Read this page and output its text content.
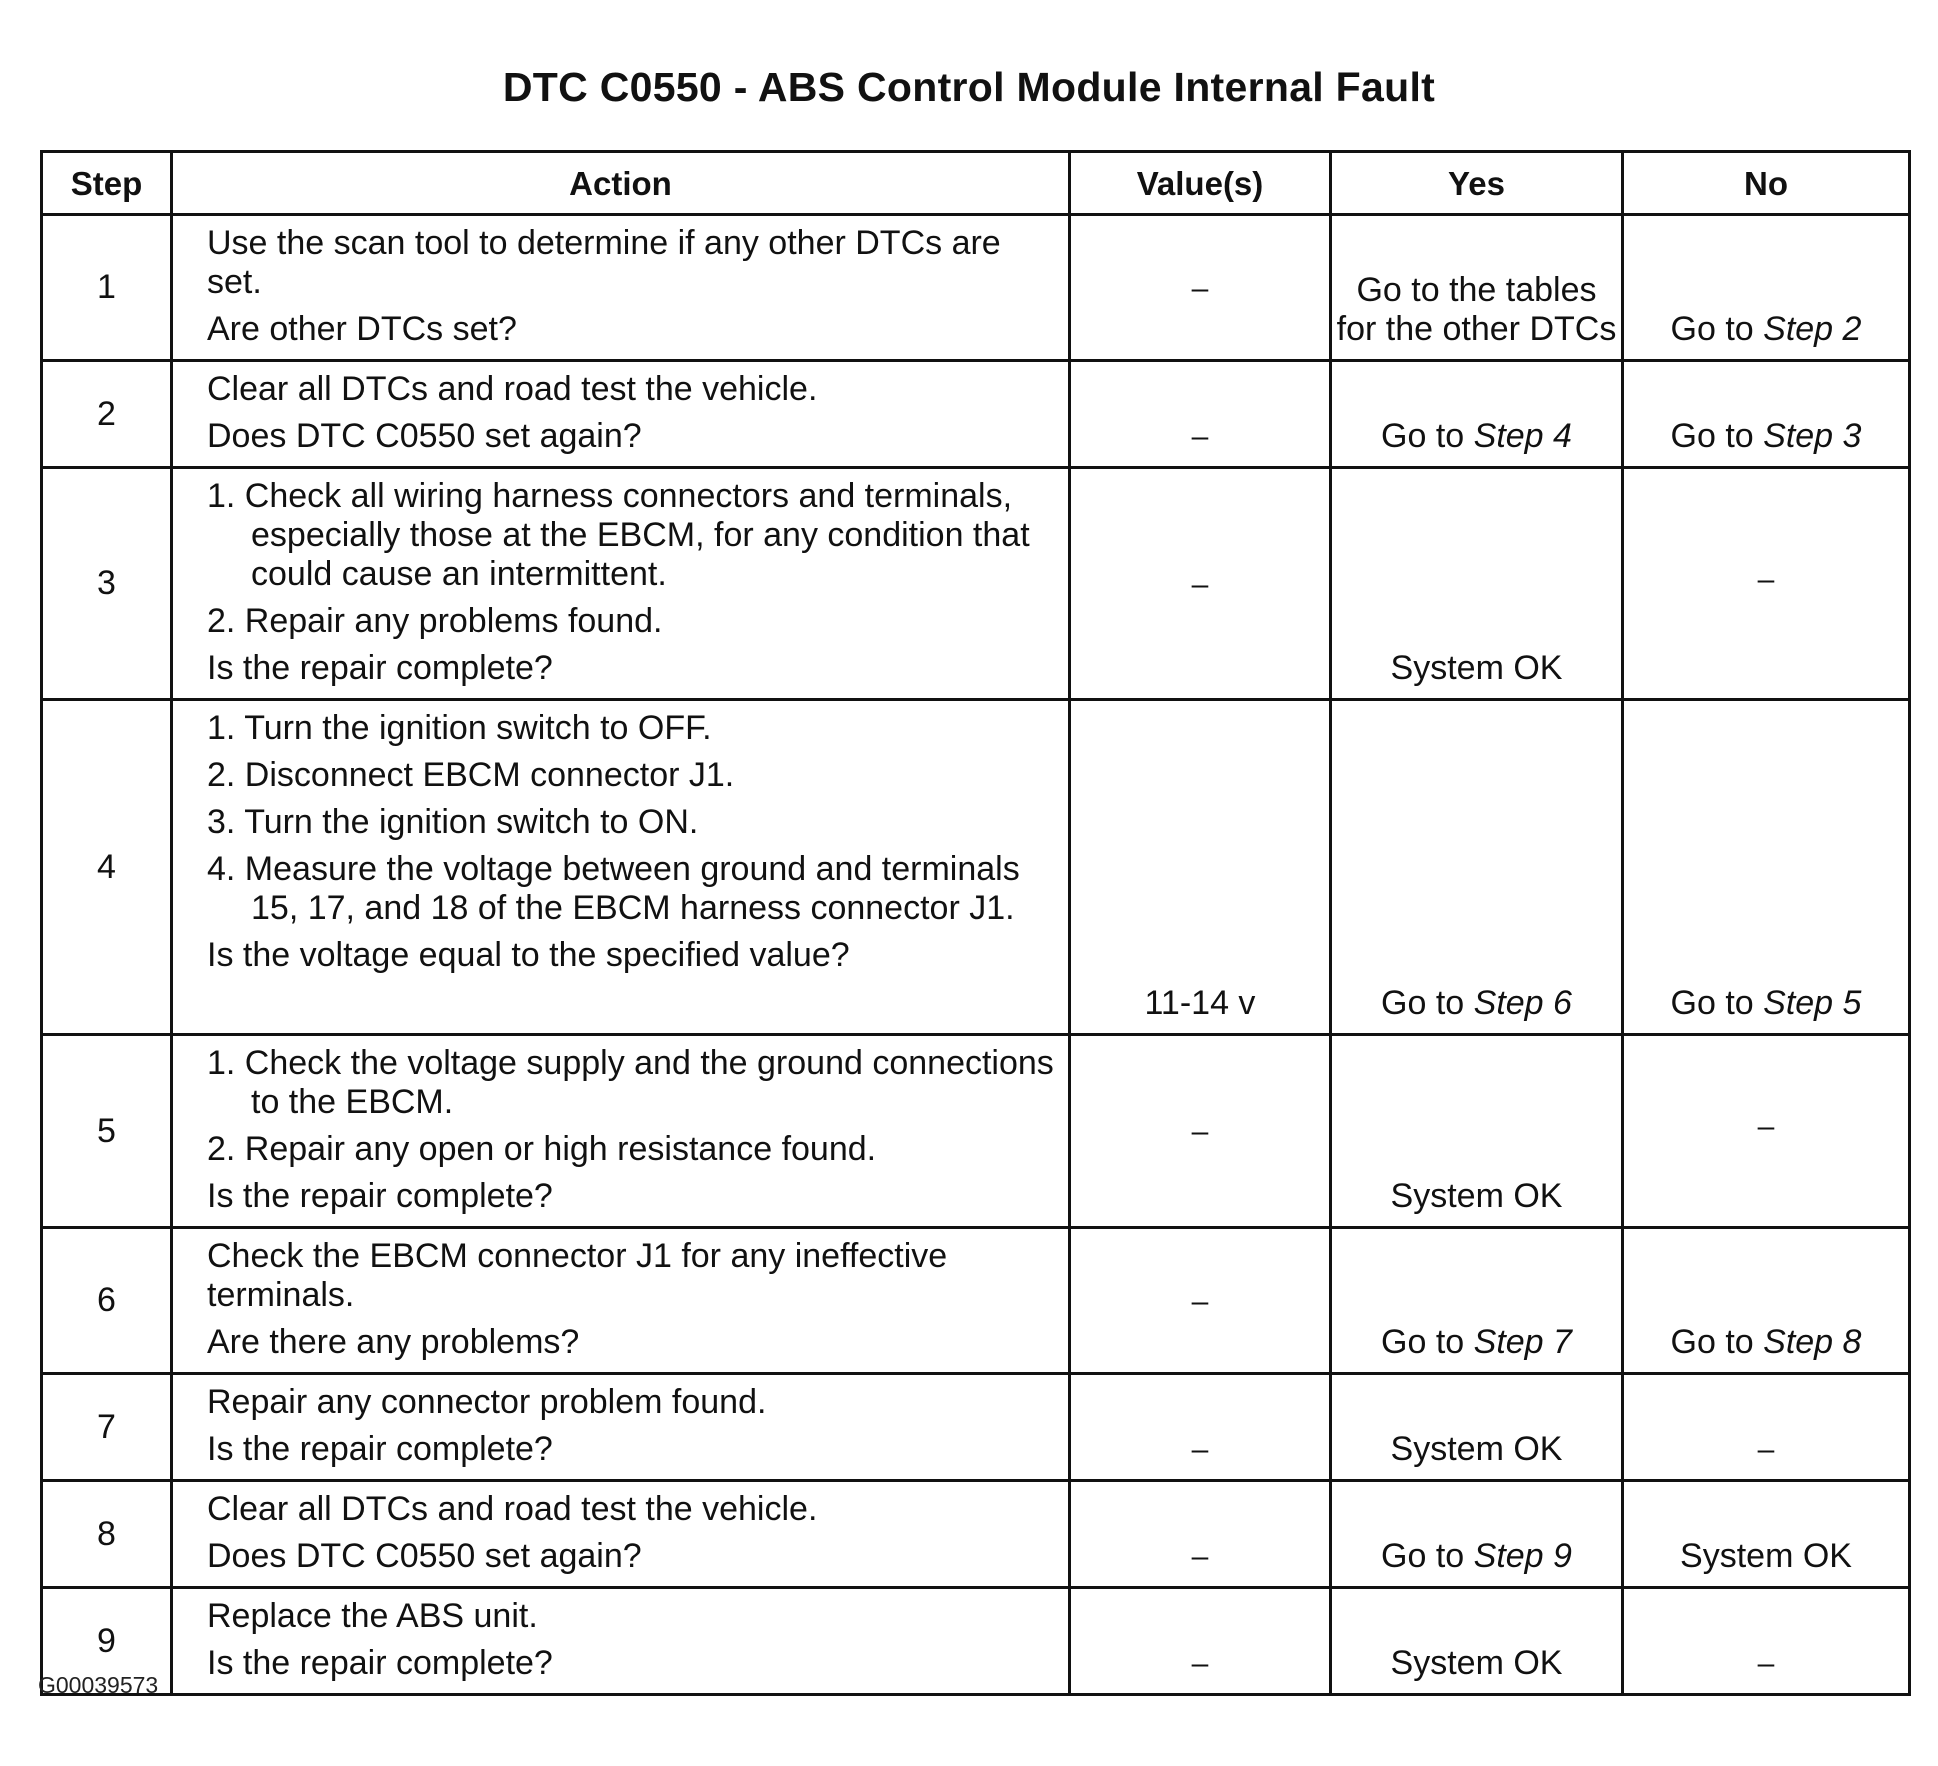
DTC C0550 - ABS Control Module Internal Fault
Step	Action	Value(s)	Yes	No
1	Use the scan tool to determine if any other DTCs are set.
Are other DTCs set?	–	Go to the tables for the other DTCs	Go to Step 2
2	Clear all DTCs and road test the vehicle.
Does DTC C0550 set again?	–	Go to Step 4	Go to Step 3
3	1. Check all wiring harness connectors and terminals, especially those at the EBCM, for any condition that could cause an intermittent.
2. Repair any problems found.
Is the repair complete?	–	System OK	–
4	1. Turn the ignition switch to OFF.
2. Disconnect EBCM connector J1.
3. Turn the ignition switch to ON.
4. Measure the voltage between ground and terminals 15, 17, and 18 of the EBCM harness connector J1.
Is the voltage equal to the specified value?	11-14 v	Go to Step 6	Go to Step 5
5	1. Check the voltage supply and the ground connections to the EBCM.
2. Repair any open or high resistance found.
Is the repair complete?	–	System OK	–
6	Check the EBCM connector J1 for any ineffective terminals.
Are there any problems?	–	Go to Step 7	Go to Step 8
7	Repair any connector problem found.
Is the repair complete?	–	System OK	–
8	Clear all DTCs and road test the vehicle.
Does DTC C0550 set again?	–	Go to Step 9	System OK
9	Replace the ABS unit.
Is the repair complete?	–	System OK	–
G00039573
